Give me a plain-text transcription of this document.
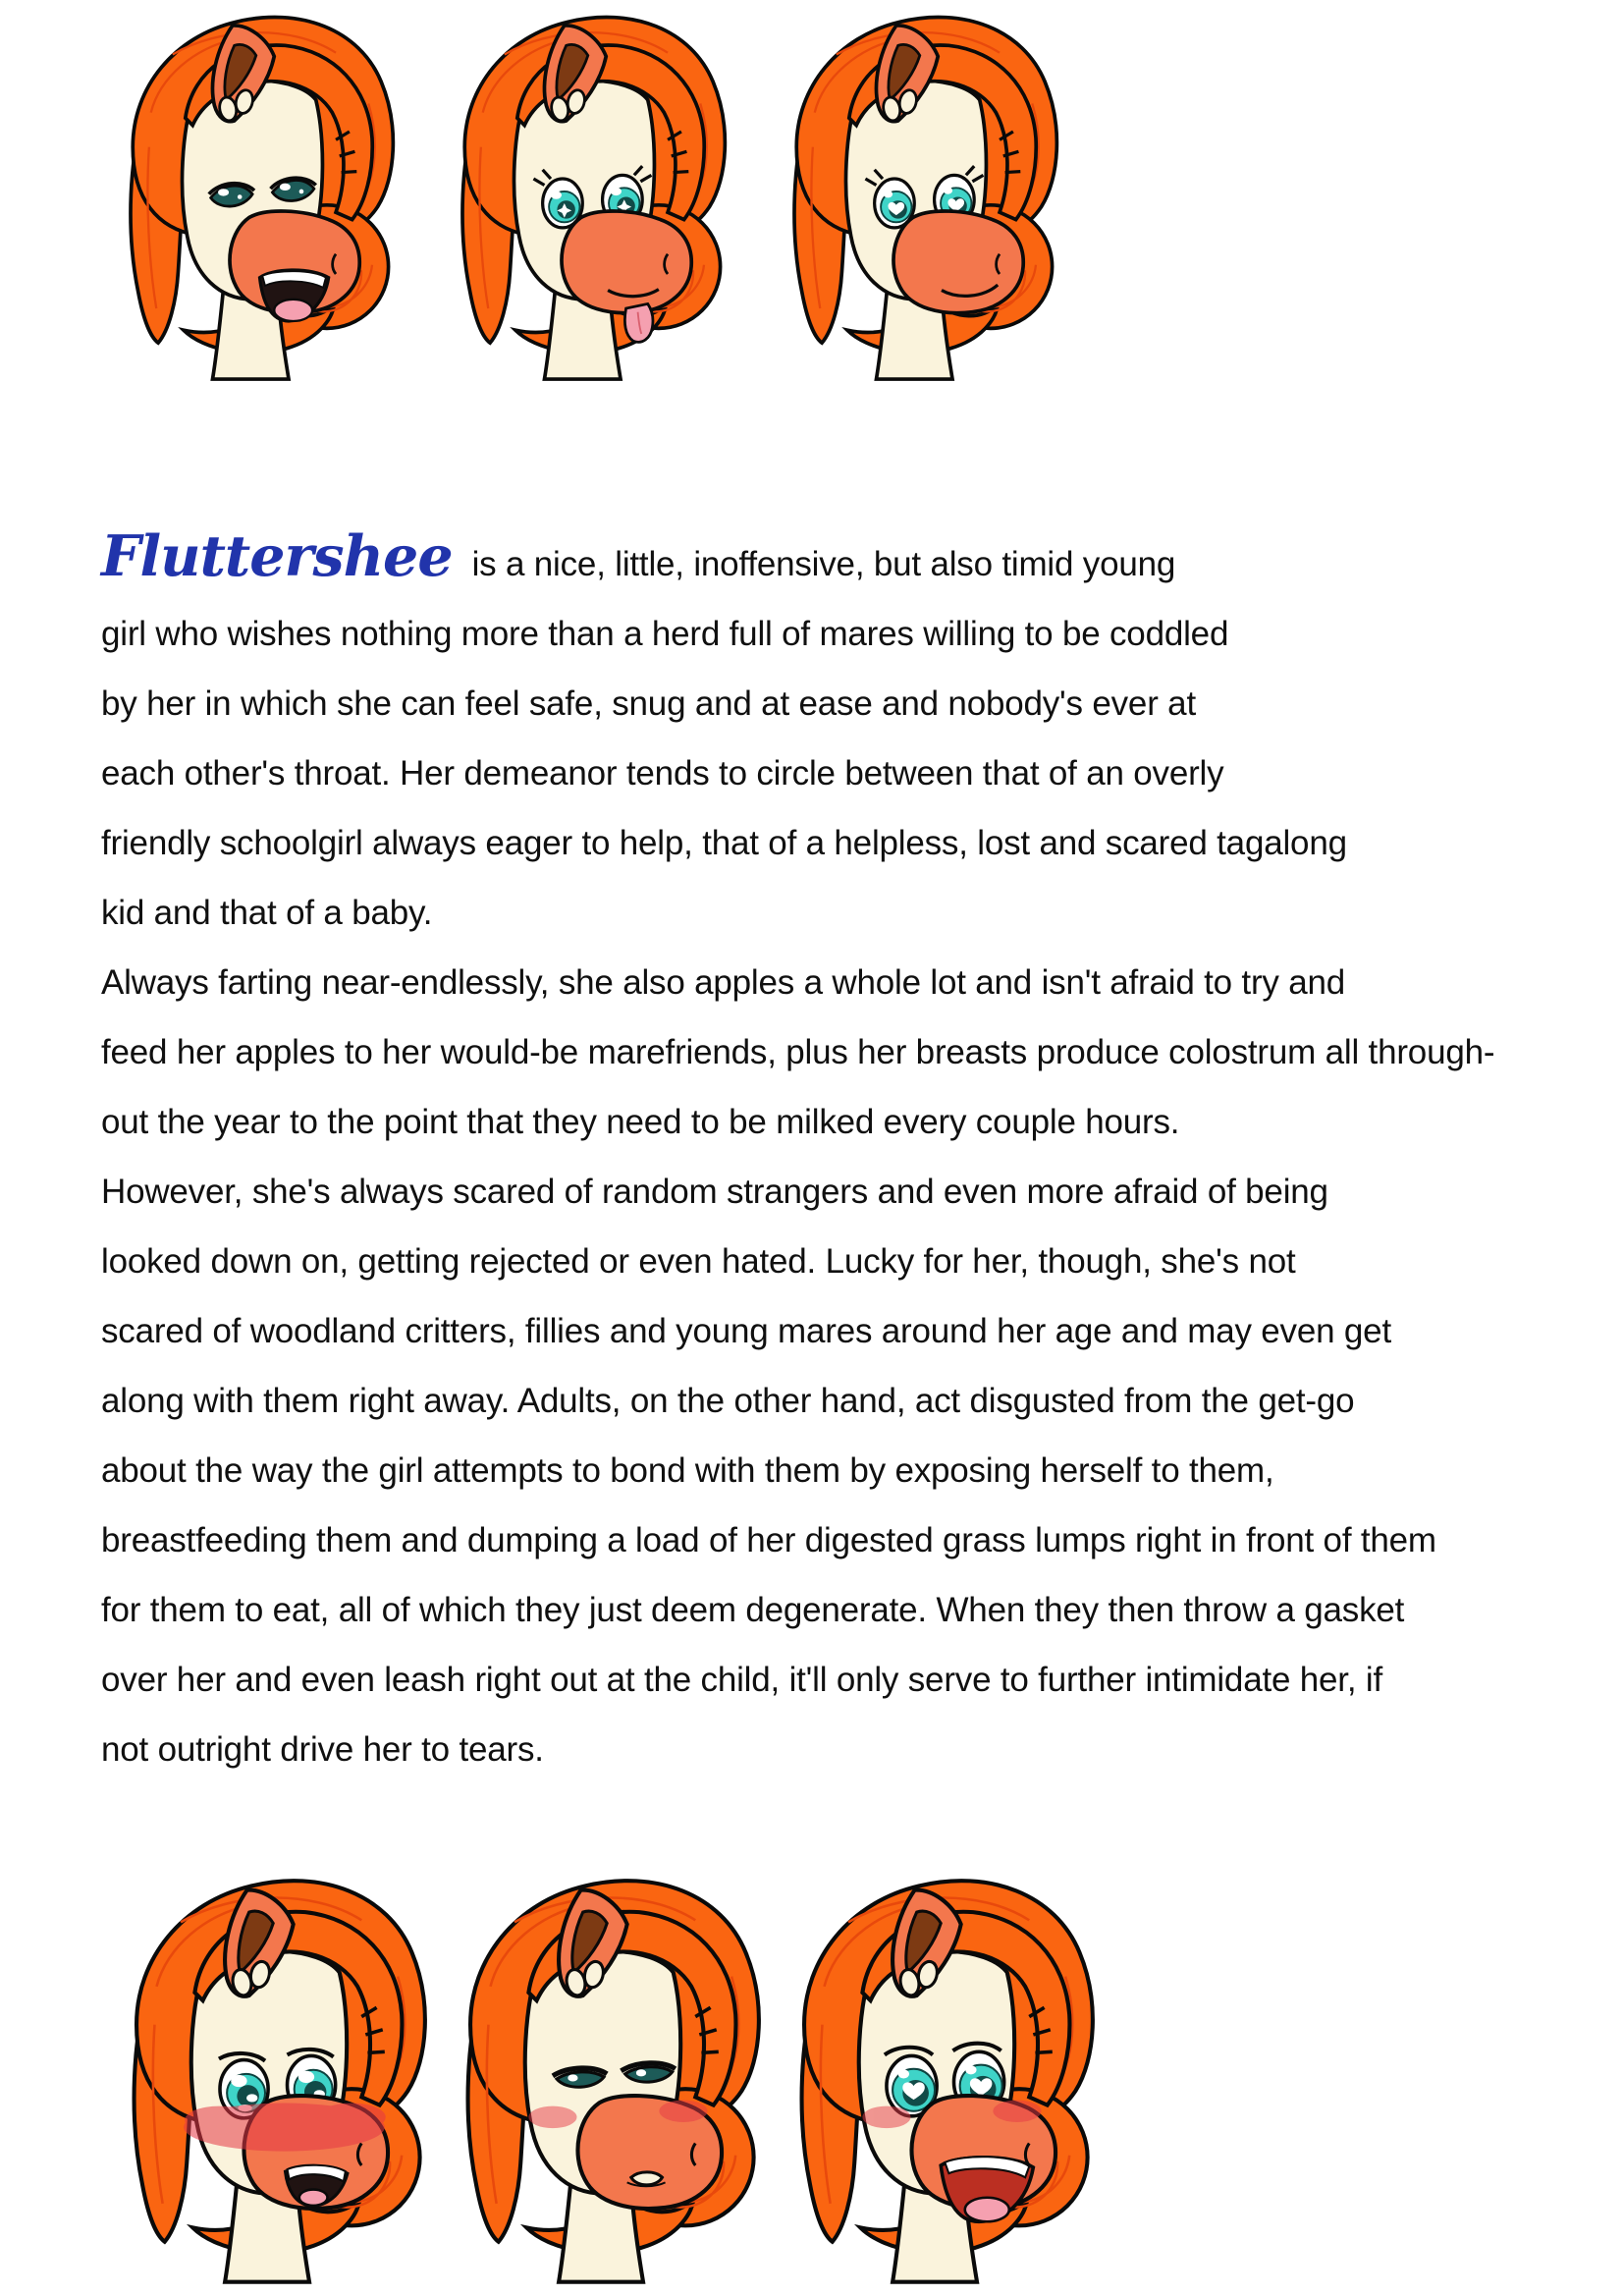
Fluttershee is a nice, little, inoffensive, but also timid young
girl who wishes nothing more than a herd full of mares willing to be coddled
by her in which she can feel safe, snug and at ease and nobody's ever at
each other's throat. Her demeanor tends to circle between that of an overly
friendly schoolgirl always eager to help, that of a helpless, lost and scared tagalong
kid and that of a baby.
Always farting near-endlessly, she also apples a whole lot and isn't afraid to try and
feed her apples to her would-be marefriends, plus her breasts produce colostrum all through-
out the year to the point that they need to be milked every couple hours.
However, she's always scared of random strangers and even more afraid of being
looked down on, getting rejected or even hated. Lucky for her, though, she's not
scared of woodland critters, fillies and young mares around her age and may even get
along with them right away. Adults, on the other hand, act disgusted from the get-go
about the way the girl attempts to bond with them by exposing herself to them,
breastfeeding them and dumping a load of her digested grass lumps right in front of them
for them to eat, all of which they just deem degenerate. When they then throw a gasket
over her and even leash right out at the child, it'll only serve to further intimidate her, if
not outright drive her to tears.
